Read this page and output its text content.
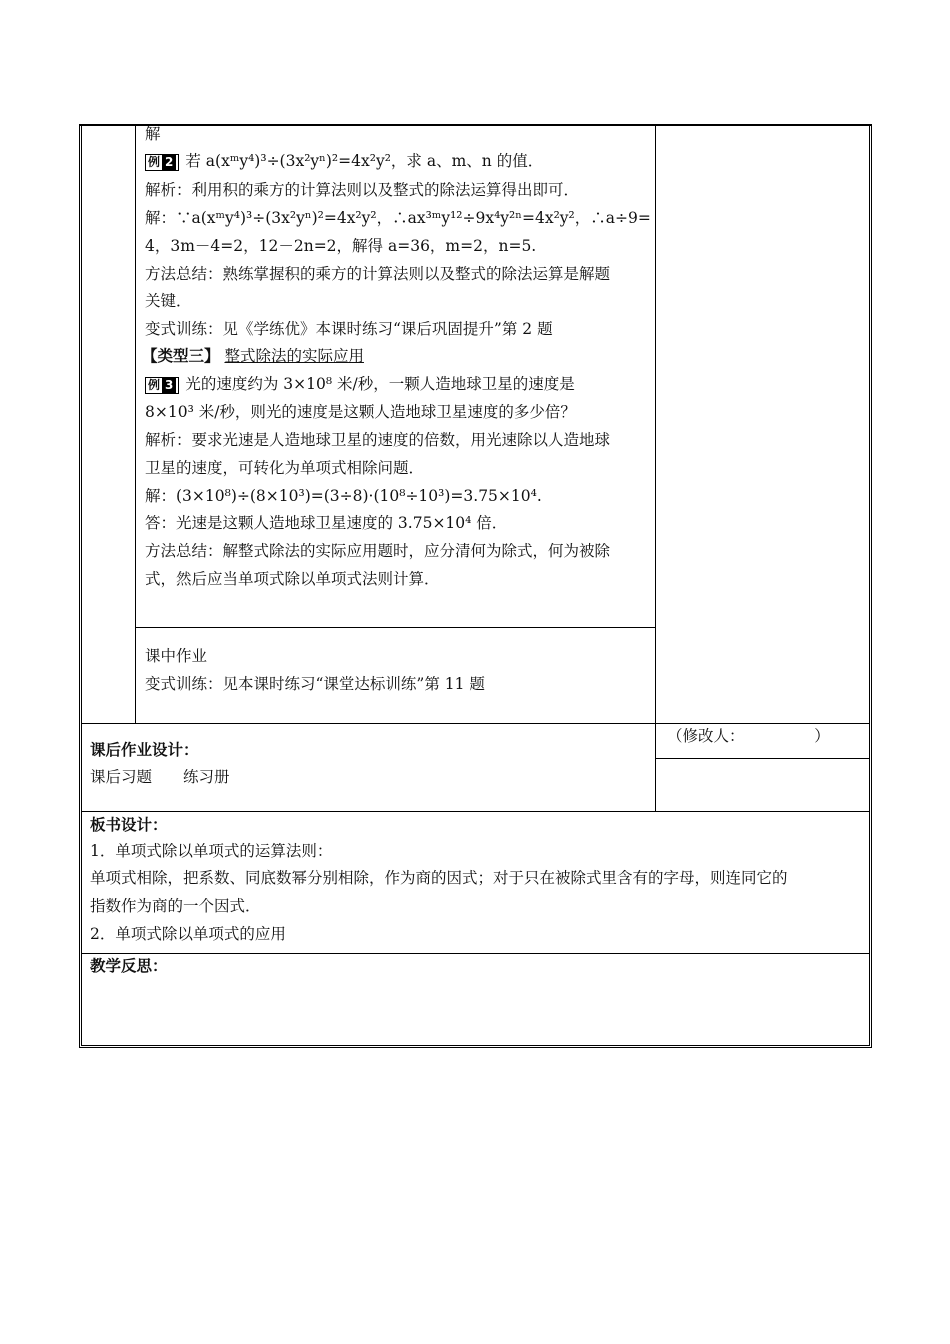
解
例 2 若 a(xᵐy⁴)³÷(3x²yⁿ)²=4x²y²，求 a、m、n 的值．
解析：利用积的乘方的计算法则以及整式的除法运算得出即可．
解：∵a(xᵐy⁴)³÷(3x²yⁿ)²=4x²y²，∴ax³ᵐy¹²÷9x⁴y²ⁿ=4x²y²，∴a÷9=
4，3m－4=2，12－2n=2，解得 a=36，m=2，n=5.
方法总结：熟练掌握积的乘方的计算法则以及整式的除法运算是解题
关键．
变式训练：见《学练优》本课时练习“课后巩固提升”第 2 题
【类型三】 整式除法的实际应用
例 3 光的速度约为 3×10⁸ 米/秒，一颗人造地球卫星的速度是
8×10³ 米/秒，则光的速度是这颗人造地球卫星速度的多少倍？
解析：要求光速是人造地球卫星的速度的倍数，用光速除以人造地球
卫星的速度，可转化为单项式相除问题．
解：(3×10⁸)÷(8×10³)=(3÷8)·(10⁸÷10³)=3.75×10⁴.
答：光速是这颗人造地球卫星速度的 3.75×10⁴ 倍．
方法总结：解整式除法的实际应用题时，应分清何为除式，何为被除
式，然后应当单项式除以单项式法则计算．
课中作业
变式训练：见本课时练习“课堂达标训练”第 11 题
课后作业设计：
课后习题　　练习册
（修改人：　　　　　）
板书设计：
1．单项式除以单项式的运算法则：
单项式相除，把系数、同底数幂分别相除，作为商的因式；对于只在被除式里含有的字母，则连同它的
指数作为商的一个因式．
2．单项式除以单项式的应用
教学反思：
